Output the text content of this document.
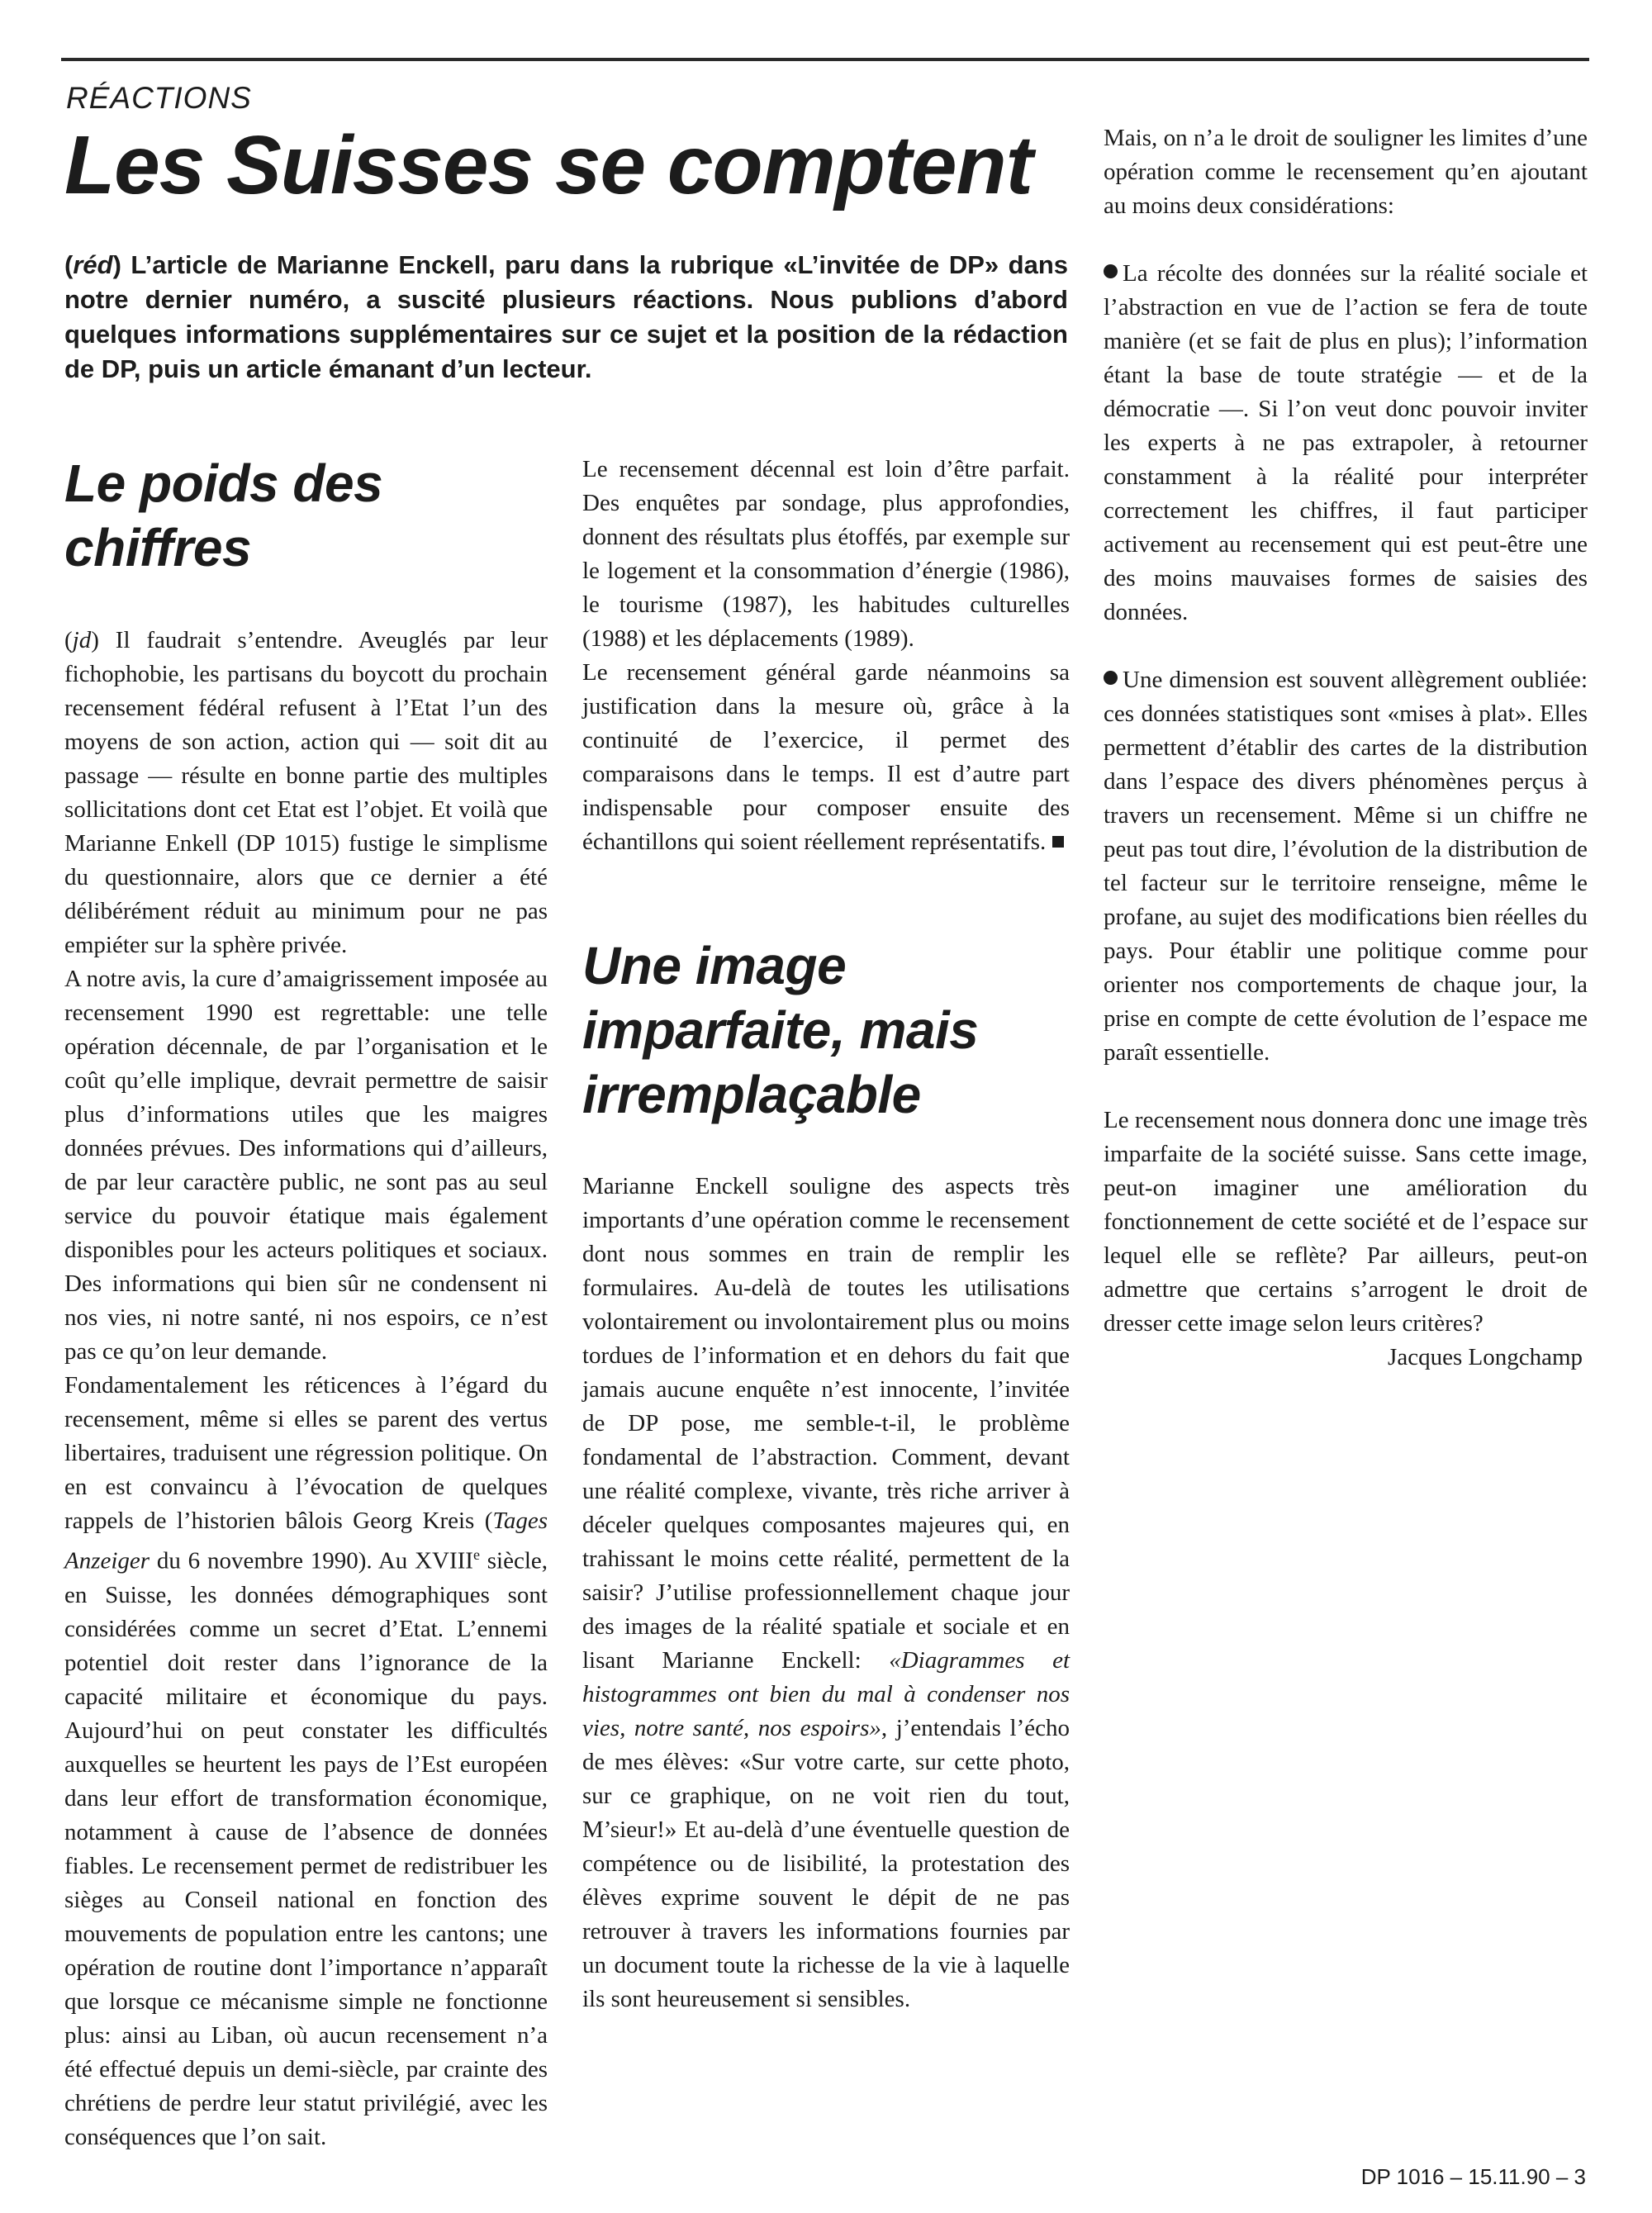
RÉACTIONS
Les Suisses se comptent
(réd) L’article de Marianne Enckell, paru dans la rubrique «L’invitée de DP» dans notre dernier numéro, a suscité plusieurs réactions. Nous publions d’abord quelques informations supplémentaires sur ce sujet et la position de la rédaction de DP, puis un article émanant d’un lecteur.
Le poids des chiffres

(jd) Il faudrait s’entendre. Aveuglés par leur fichophobie, les partisans du boycott du prochain recensement fédéral refusent à l’Etat l’un des moyens de son action, action qui — soit dit au passage — résulte en bonne partie des multiples sollicitations dont cet Etat est l’objet. Et voilà que Marianne Enkell (DP 1015) fustige le simplisme du questionnaire, alors que ce dernier a été délibérément réduit au minimum pour ne pas empiéter sur la sphère privée.

A notre avis, la cure d’amaigrissement imposée au recensement 1990 est regrettable: une telle opération décennale, de par l’organisation et le coût qu’elle implique, devrait permettre de saisir plus d’informations utiles que les maigres données prévues. Des informations qui d’ailleurs, de par leur caractère public, ne sont pas au seul service du pouvoir étatique mais également disponibles pour les acteurs politiques et sociaux. Des informations qui bien sûr ne condensent ni nos vies, ni notre santé, ni nos espoirs, ce n’est pas ce qu’on leur demande.

Fondamentalement les réticences à l’égard du recensement, même si elles se parent des vertus libertaires, traduisent une régression politique. On en est convaincu à l’évocation de quelques rappels de l’historien bâlois Georg Kreis (Tages Anzeiger du 6 novembre 1990). Au XVIIIe siècle, en Suisse, les données démographiques sont considérées comme un secret d’Etat. L’ennemi potentiel doit rester dans l’ignorance de la capacité militaire et économique du pays. Aujourd’hui on peut constater les difficultés auxquelles se heurtent les pays de l’Est européen dans leur effort de transformation économique, notamment à cause de l’absence de données fiables. Le recensement permet de redistribuer les sièges au Conseil national en fonction des mouvements de population entre les cantons; une opération de routine dont l’importance n’apparaît que lorsque ce mécanisme simple ne fonctionne plus: ainsi au Liban, où aucun recensement n’a été effectué depuis un demi-siècle, par crainte des chrétiens de perdre leur statut privilégié, avec les conséquences que l’on sait.

Le recensement décennal est loin d’être parfait. Des enquêtes par sondage, plus approfondies, donnent des résultats plus étoffés, par exemple sur le logement et la consommation d’énergie (1986), le tourisme (1987), les habitudes culturelles (1988) et les déplacements (1989).

Le recensement général garde néanmoins sa justification dans la mesure où, grâce à la continuité de l’exercice, il permet des comparaisons dans le temps. Il est d’autre part indispensable pour composer ensuite des échantillons qui soient réellement représentatifs.

Une image imparfaite, mais irremplaçable

Marianne Enckell souligne des aspects très importants d’une opération comme le recensement dont nous sommes en train de remplir les formulaires. Au-delà de toutes les utilisations volontairement ou involontairement plus ou moins tordues de l’information et en dehors du fait que jamais aucune enquête n’est innocente, l’invitée de DP pose, me semble-t-il, le problème fondamental de l’abstraction. Comment, devant une réalité complexe, vivante, très riche arriver à déceler quelques composantes majeures qui, en trahissant le moins cette réalité, permettent de la saisir? J’utilise professionnellement chaque jour des images de la réalité spatiale et sociale et en lisant Marianne Enckell: «Diagrammes et histogrammes ont bien du mal à condenser nos vies, notre santé, nos espoirs», j’entendais l’écho de mes élèves: «Sur votre carte, sur cette photo, sur ce graphique, on ne voit rien du tout, M’sieur!» Et au-delà d’une éventuelle question de compétence ou de lisibilité, la protestation des élèves exprime souvent le dépit de ne pas retrouver à travers les informations fournies par un document toute la richesse de la vie à laquelle ils sont heureusement si sensibles.

Mais, on n’a le droit de souligner les limites d’une opération comme le recensement qu’en ajoutant au moins deux considérations:

La récolte des données sur la réalité sociale et l’abstraction en vue de l’action se fera de toute manière (et se fait de plus en plus); l’information étant la base de toute stratégie — et de la démocratie —. Si l’on veut donc pouvoir inviter les experts à ne pas extrapoler, à retourner constamment à la réalité pour interpréter correctement les chiffres, il faut participer activement au recensement qui est peut-être une des moins mauvaises formes de saisies des données.

Une dimension est souvent allègrement oubliée: ces données statistiques sont «mises à plat». Elles permettent d’établir des cartes de la distribution dans l’espace des divers phénomènes perçus à travers un recensement. Même si un chiffre ne peut pas tout dire, l’évolution de la distribution de tel facteur sur le territoire renseigne, même le profane, au sujet des modifications bien réelles du pays. Pour établir une politique comme pour orienter nos comportements de chaque jour, la prise en compte de cette évolution de l’espace me paraît essentielle.

Le recensement nous donnera donc une image très imparfaite de la société suisse. Sans cette image, peut-on imaginer une amélioration du fonctionnement de cette société et de l’espace sur lequel elle se reflète? Par ailleurs, peut-on admettre que certains s’arrogent le droit de dresser cette image selon leurs critères?

Jacques Longchamp

DP 1016 – 15.11.90 – 3
